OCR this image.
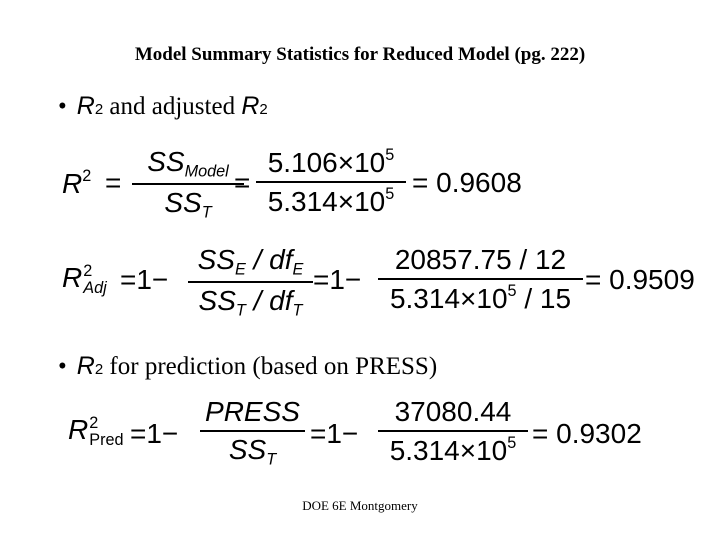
Model Summary Statistics for Reduced Model (pg. 222)
• $R^2$ and adjusted $R^2$
$R^2$ =
SSModel
SST
=
$5.106\times 10^5$
$5.314\times 10^5 = 0.9608$
R2
Adj =1−
SSE / dfE
SST / dfT
=1−
20857.75 / 12
$5.314\times 10^5 / 15$
= 0.9509
• $R^2$ for prediction (based on PRESS)
R2
Pred =1−
PRESS
SST
=1−
37080.44
$5.314\times 10^5 = 0.9302$
DOE 6E Montgomery
